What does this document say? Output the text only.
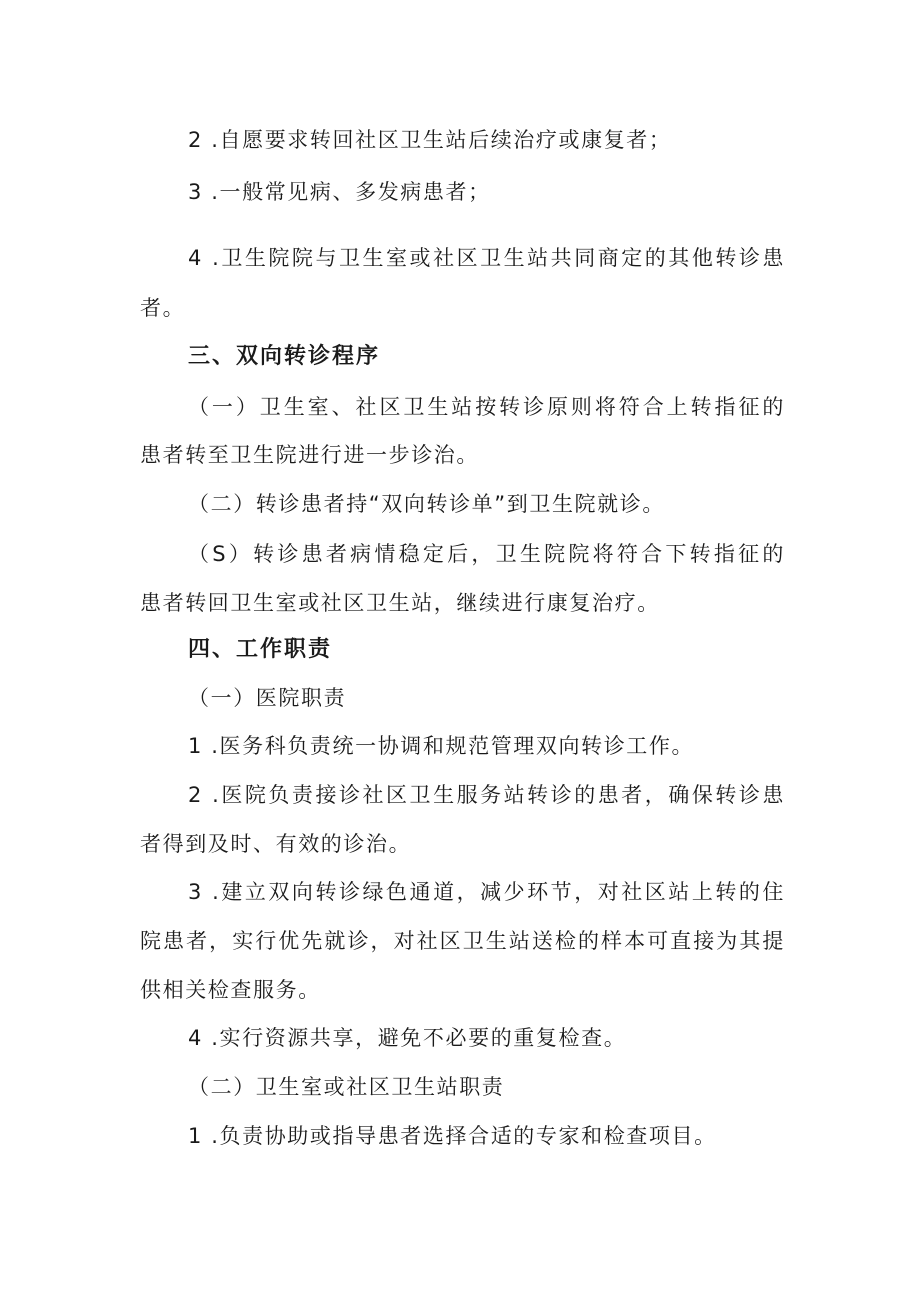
2 .自愿要求转回社区卫生站后续治疗或康复者；
3 .一般常见病、多发病患者；
4 .卫生院院与卫生室或社区卫生站共同商定的其他转诊患
者。
三、双向转诊程序
（一）卫生室、社区卫生站按转诊原则将符合上转指征的
患者转至卫生院进行进一步诊治。
（二）转诊患者持“双向转诊单”到卫生院就诊。
（S）转诊患者病情稳定后，卫生院院将符合下转指征的
患者转回卫生室或社区卫生站，继续进行康复治疗。
四、工作职责
（一）医院职责
1 .医务科负责统一协调和规范管理双向转诊工作。
2 .医院负责接诊社区卫生服务站转诊的患者，确保转诊患
者得到及时、有效的诊治。
3 .建立双向转诊绿色通道，减少环节，对社区站上转的住
院患者，实行优先就诊，对社区卫生站送检的样本可直接为其提
供相关检查服务。
4 .实行资源共享，避免不必要的重复检查。
（二）卫生室或社区卫生站职责
1 .负责协助或指导患者选择合适的专家和检查项目。
